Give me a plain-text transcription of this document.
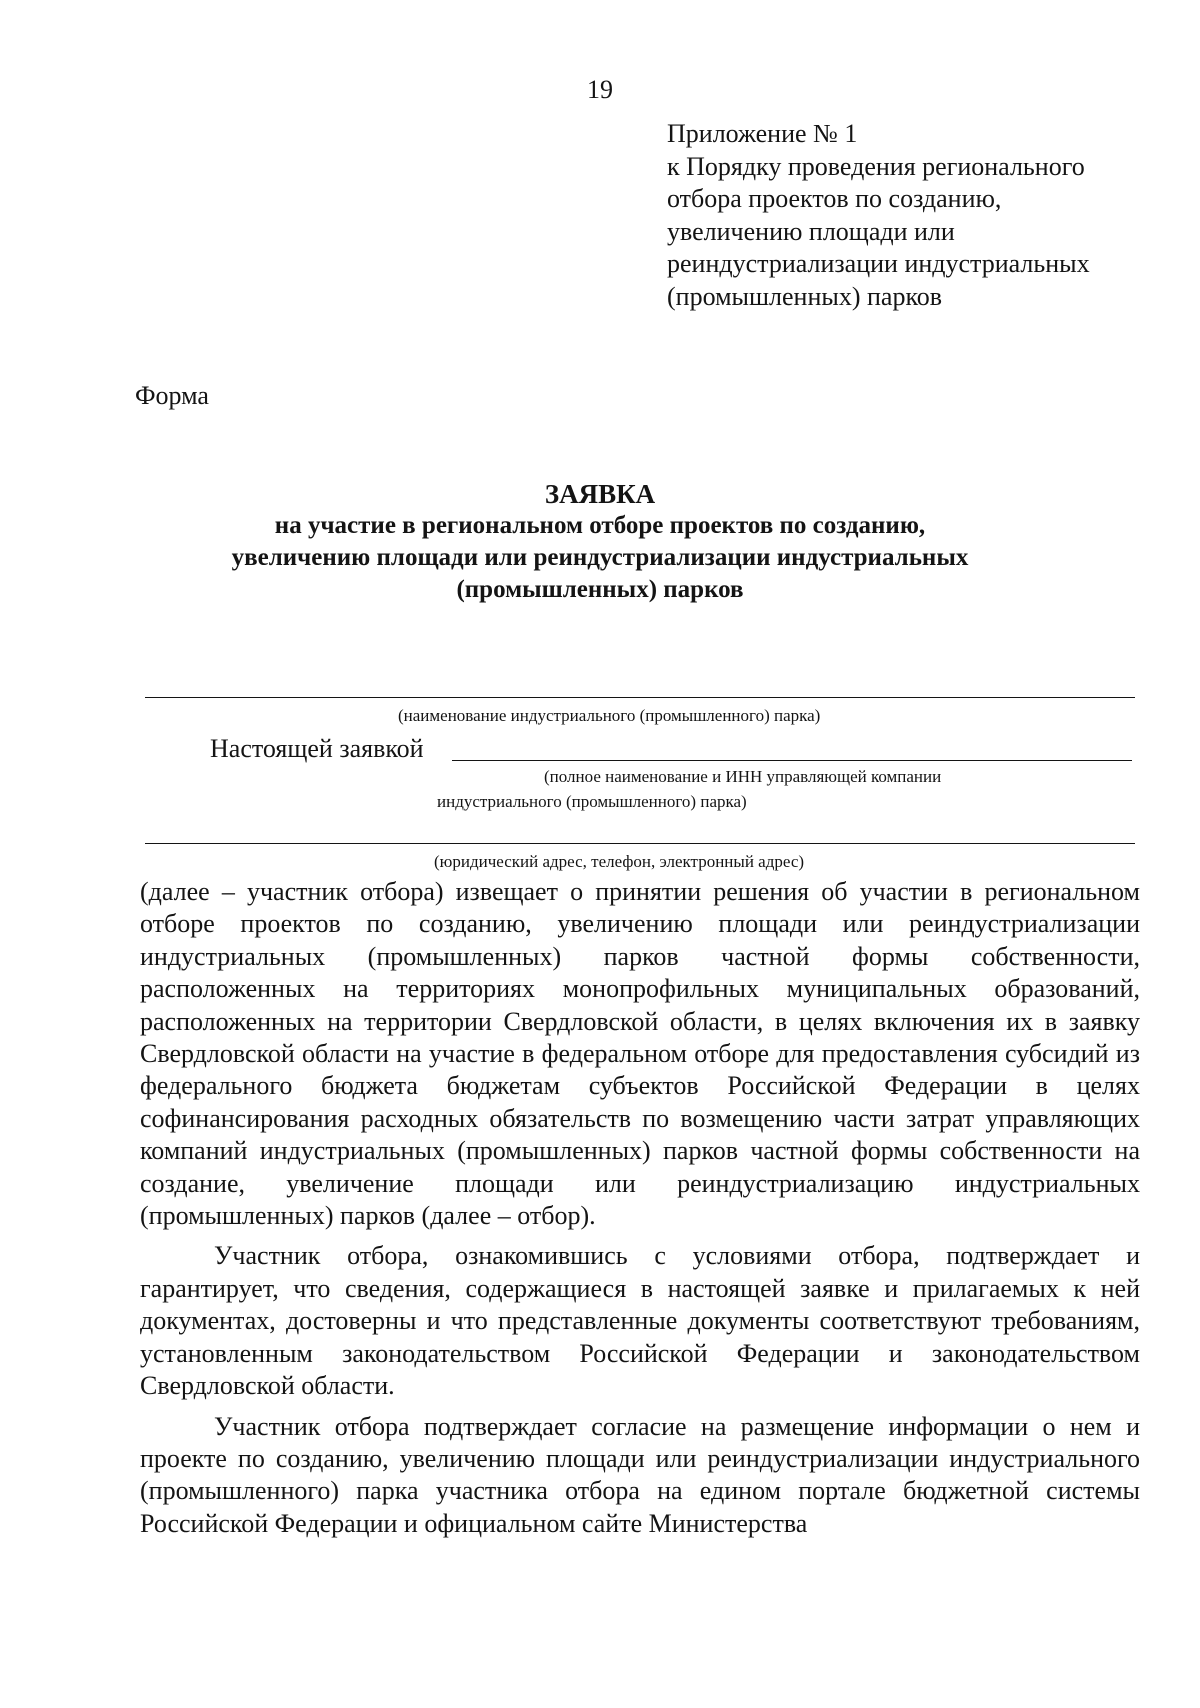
19
Приложение № 1
к Порядку проведения регионального
отбора проектов по созданию,
увеличению площади или
реиндустриализации индустриальных
(промышленных) парков
Форма
ЗАЯВКА
на участие в региональном отборе проектов по созданию,
увеличению площади или реиндустриализации индустриальных
(промышленных) парков
(наименование индустриального (промышленного) парка)
Настоящей заявкой
(полное наименование и ИНН управляющей компании
индустриального (промышленного) парка)
(юридический адрес, телефон, электронный адрес)

(далее – участник отбора) извещает о принятии решения об участии в региональном отборе проектов по созданию, увеличению площади или реиндустриализации индустриальных (промышленных) парков частной формы собственности, расположенных на территориях монопрофильных муниципальных образований, расположенных на территории Свердловской области, в целях включения их в заявку Свердловской области на участие в федеральном отборе для предоставления субсидий из федерального бюджета бюджетам субъектов Российской Федерации в целях софинансирования расходных обязательств по возмещению части затрат управляющих компаний индустриальных (промышленных) парков частной формы собственности на создание, увеличение площади или реиндустриализацию индустриальных (промышленных) парков (далее – отбор).

Участник отбора, ознакомившись с условиями отбора, подтверждает и гарантирует, что сведения, содержащиеся в настоящей заявке и прилагаемых к ней документах, достоверны и что представленные документы соответствуют требованиям, установленным законодательством Российской Федерации и законодательством Свердловской области.

Участник отбора подтверждает согласие на размещение информации о нем и проекте по созданию, увеличению площади или реиндустриализации индустриального (промышленного) парка участника отбора на едином портале бюджетной системы Российской Федерации и официальном сайте Министерства
